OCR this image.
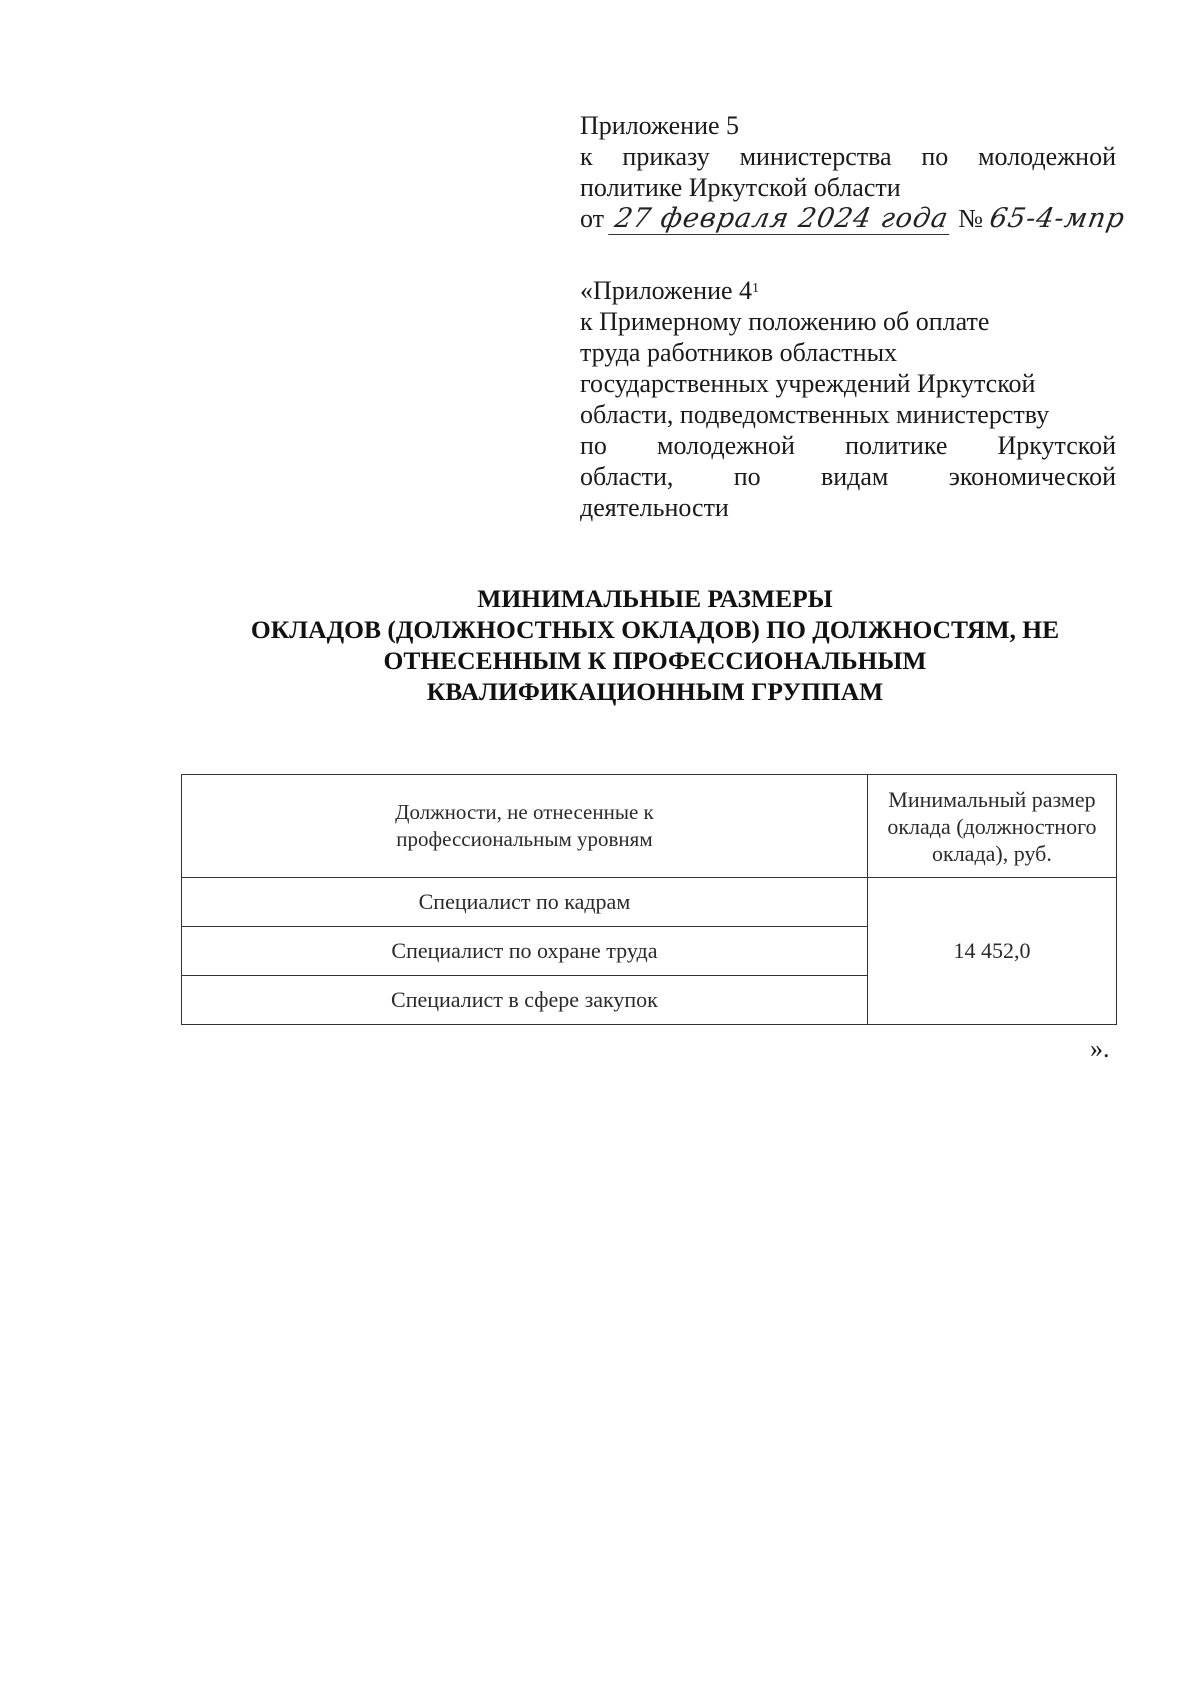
Приложение 5
к приказу министерства по молодежной
политике Иркутской области
от 27 февраля 2024 года № 65-4-мпр
«Приложение $4^1$
к Примерному положению об оплате
труда работников областных
государственных учреждений Иркутской
области, подведомственных министерству
по молодежной политике Иркутской
области, по видам экономической
деятельности
МИНИМАЛЬНЫЕ РАЗМЕРЫ
ОКЛАДОВ (ДОЛЖНОСТНЫХ ОКЛАДОВ) ПО ДОЛЖНОСТЯМ, НЕ
ОТНЕСЕННЫМ К ПРОФЕССИОНАЛЬНЫМ
КВАЛИФИКАЦИОННЫМ ГРУППАМ
Должности, не отнесенные к профессиональным уровням	Минимальный размер оклада (должностного оклада), руб.
Специалист по кадрам	14 452,0
Специалист по охране труда	
Специалист в сфере закупок	
».
